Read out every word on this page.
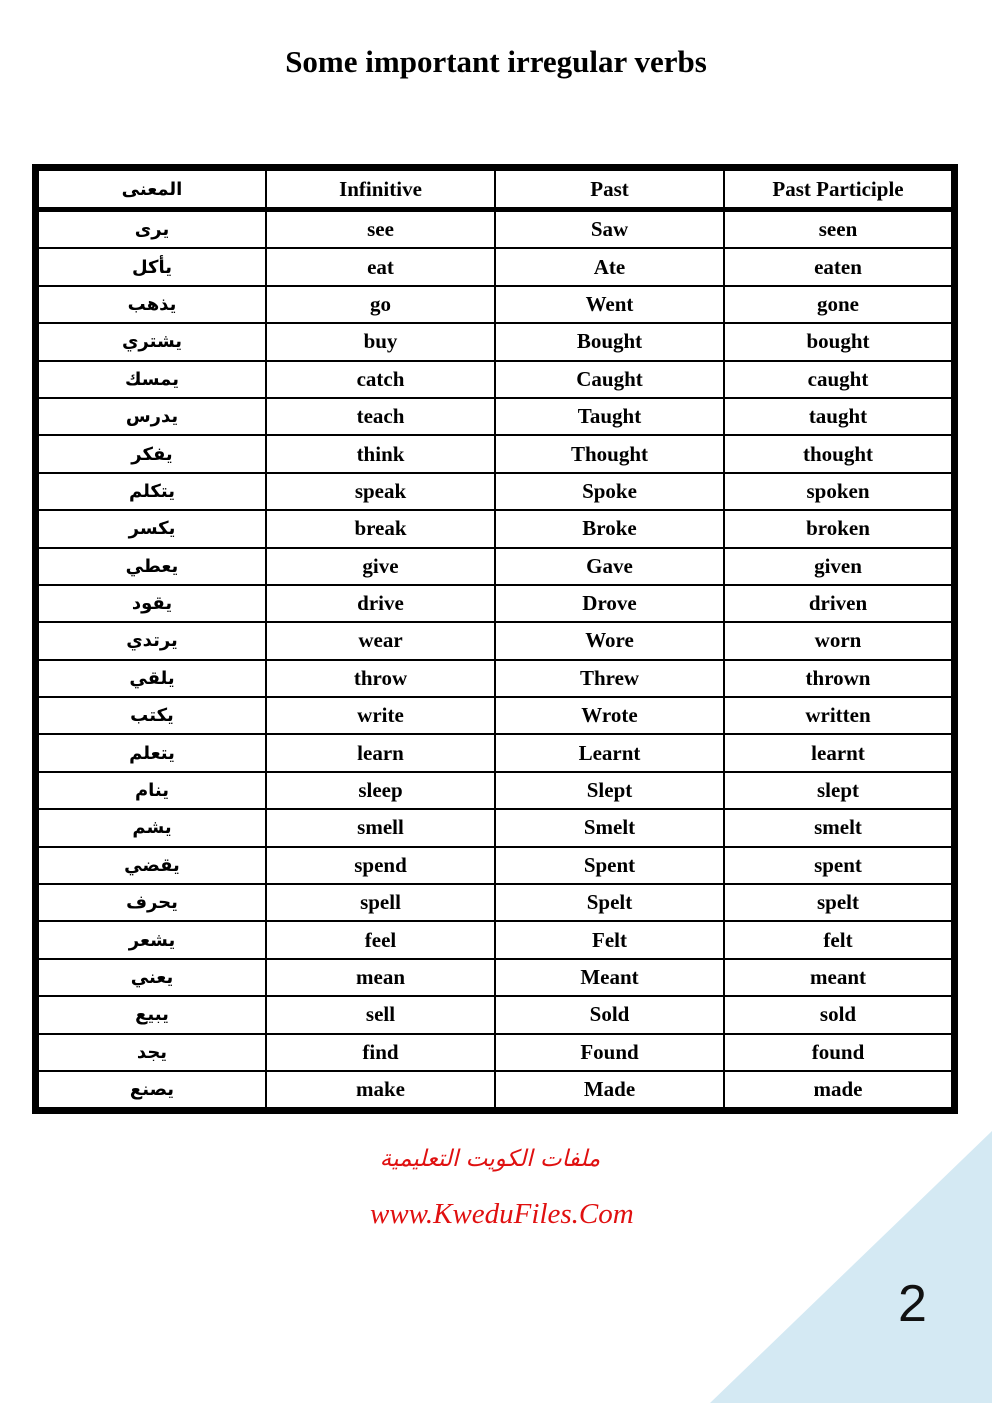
Some important irregular verbs
المعنى	Infinitive	Past	Past Participle
يرى	see	Saw	seen
يأكل	eat	Ate	eaten
يذهب	go	Went	gone
يشتري	buy	Bought	bought
يمسك	catch	Caught	caught
يدرس	teach	Taught	taught
يفكر	think	Thought	thought
يتكلم	speak	Spoke	spoken
يكسر	break	Broke	broken
يعطي	give	Gave	given
يقود	drive	Drove	driven
يرتدي	wear	Wore	worn
يلقي	throw	Threw	thrown
يكتب	write	Wrote	written
يتعلم	learn	Learnt	learnt
ينام	sleep	Slept	slept
يشم	smell	Smelt	smelt
يقضي	spend	Spent	spent
يحرف	spell	Spelt	spelt
يشعر	feel	Felt	felt
يعني	mean	Meant	meant
يبيع	sell	Sold	sold
يجد	find	Found	found
يصنع	make	Made	made
ملفات الكويت التعليمية
www.KweduFiles.Com
2
